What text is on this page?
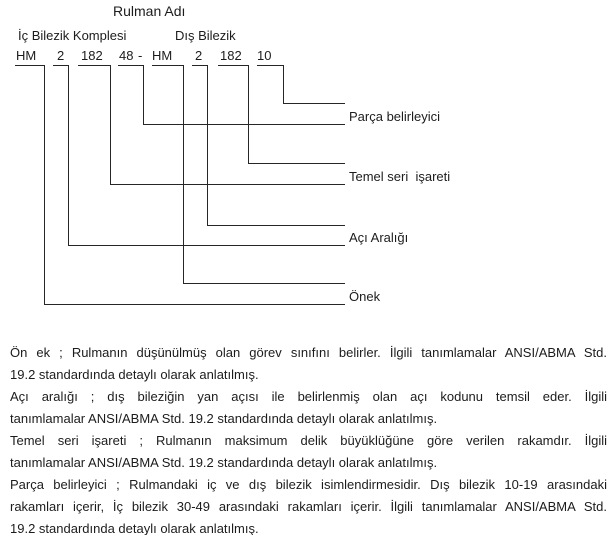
Rulman Adı
İç Bilezik Komplesi	Dış Bilezik
HM 2 182 48 - HM 2 182 10
Parça belirleyici
Temel seri  işareti
Açı Aralığı
Önek
Ön ek ; Rulmanın düşünülmüş olan görev sınıfını belirler. İlgili tanımlamalar ANSI/ABMA Std.
19.2 standardında detaylı olarak anlatılmış.
Açı aralığı ; dış bileziğin yan açısı ile belirlenmiş olan açı kodunu temsil eder. İlgili
tanımlamalar ANSI/ABMA Std. 19.2 standardında detaylı olarak anlatılmış.
Temel seri işareti ; Rulmanın maksimum delik büyüklüğüne göre verilen rakamdır. İlgili
tanımlamalar ANSI/ABMA Std. 19.2 standardında detaylı olarak anlatılmış.
Parça belirleyici ; Rulmandaki iç ve dış bilezik isimlendirmesidir. Dış bilezik 10-19 arasındaki
rakamları içerir, İç bilezik 30-49 arasındaki rakamları içerir. İlgili tanımlamalar ANSI/ABMA Std.
19.2 standardında detaylı olarak anlatılmış.
